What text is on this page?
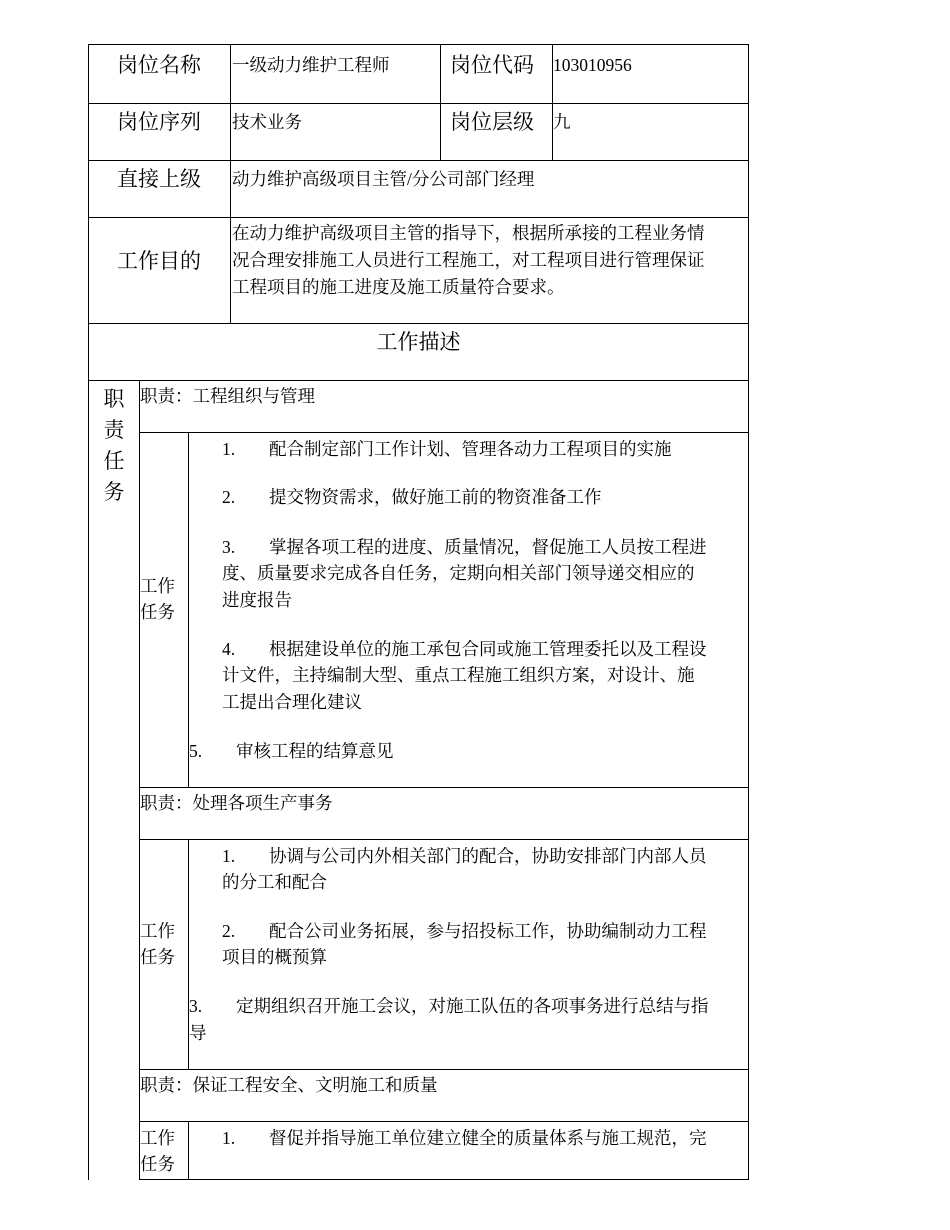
岗位名称 一级动力维护工程师	岗位代码 103010956
岗位序列 技术业务	岗位层级 九
直接上级 动力维护高级项目主管/分公司部门经理
工作目的
在动力维护高级项目主管的指导下，根据所承接的工程业务情
况合理安排施工人员进行工程施工，对工程项目进行管理保证
工程项目的施工进度及施工质量符合要求。
工作描述
职
责
任
务
职责：工程组织与管理
工作
任务
1. 配合制定部门工作计划、管理各动力工程项目的实施
2. 提交物资需求，做好施工前的物资准备工作
3. 掌握各项工程的进度、质量情况，督促施工人员按工程进
度、质量要求完成各自任务，定期向相关部门领导递交相应的
进度报告
4. 根据建设单位的施工承包合同或施工管理委托以及工程设
计文件，主持编制大型、重点工程施工组织方案，对设计、施
工提出合理化建议
5. 审核工程的结算意见
职责：处理各项生产事务
工作
任务
1. 协调与公司内外相关部门的配合，协助安排部门内部人员
的分工和配合
2. 配合公司业务拓展，参与招投标工作，协助编制动力工程
项目的概预算
3. 定期组织召开施工会议，对施工队伍的各项事务进行总结与指
导
职责：保证工程安全、文明施工和质量
工作
任务
1. 督促并指导施工单位建立健全的质量体系与施工规范，完
